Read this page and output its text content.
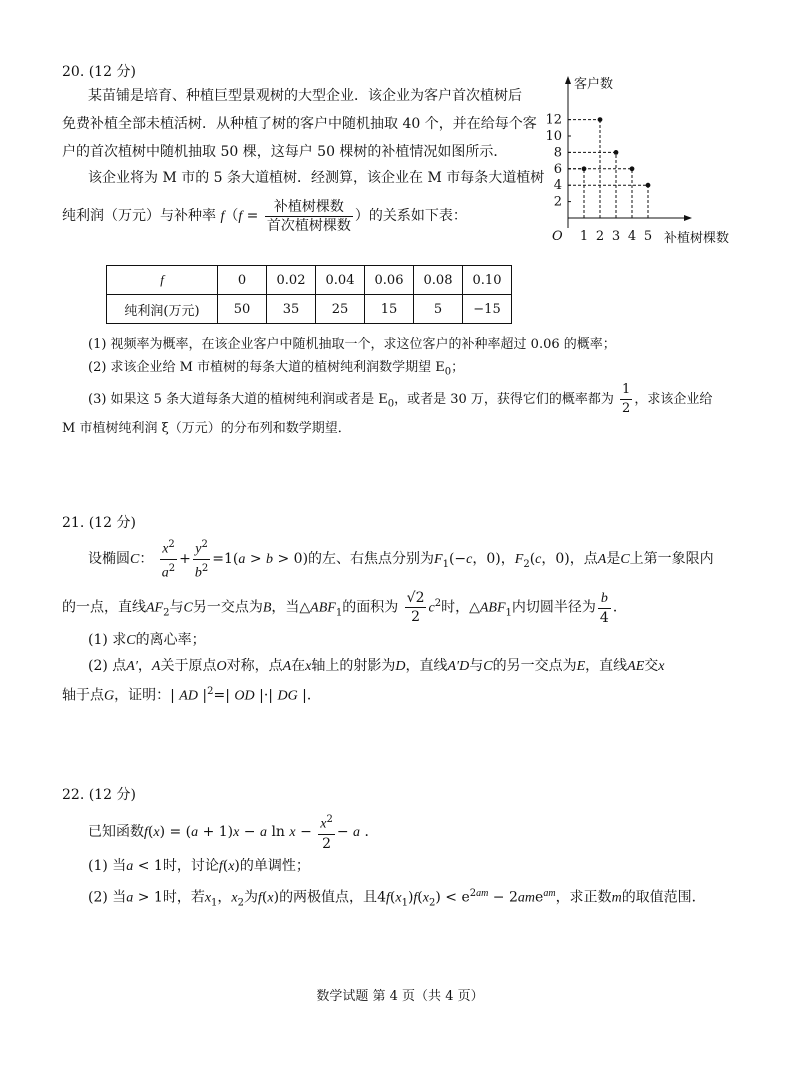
20. (12 分)
某苗铺是培育、种植巨型景观树的大型企业．该企业为客户首次植树后
免费补植全部未植活树．从种植了树的客户中随机抽取 40 个，并在给每个客
户的首次植树中随机抽取 50 棵，这每户 50 棵树的补植情况如图所示．
该企业将为 M 市的 5 条大道植树．经测算，该企业在 M 市每条大道植树
纯利润（万元）与补种率 $f(f = \frac{\text{补植树棵数}}{\text{首次植树棵数}}$ ）的关系如下表：
客户数
补植树棵数
O
2
4
6
8
10
12
1 2 3 4 5
f	0	0.02	0.04	0.06	0.08	0.10
纯利润(万元)	50	35	25	15	5	−15
(1) 视频率为概率，在该企业客户中随机抽取一个，求这位客户的补种率超过 0.06 的概率；
(2) 求该企业给 M 市植树的每条大道的植树纯利润数学期望 $E_0$；
(3) 如果这 5 条大道每条大道的植树纯利润或者是 $E_0$，或者是 30 万，获得它们的概率都为 $\frac{1}{2}$ ，求该企业给
M 市植树纯利润 ξ（万元）的分布列和数学期望．
21. (12 分)
设椭圆C： $\frac{x^2}{a^2} + \frac{y^2}{b^2} =1(a > b > 0)$的左、右焦点分别为$F_1(-c$，0)，$F_2(c$，0)，点A是C上第一象限内
的一点，直线$AF_2$与C另一交点为B，当$\triangle ABF_1$的面积为 $\frac{√2}{2} c^2$时，$\triangle ABF_1$内切圆半径为 $\frac{b}{4}$ ．
(1) 求C的离心率；
(2) 点A′，A关于原点O对称，点A在x轴上的射影为D，直线A′D与C的另一交点为E，直线AE交x
轴于点G，证明：| AD $|^2=|$ OD |·| DG |．
22. (12 分)
已知函数f(x) = (a + 1)x − a $\ln x - \frac{x^2}{2} - a$ ．
(1) 当a < 1时，讨论f(x)的单调性；
(2) 当a > 1时，若$x_1$，$x_2$为f(x)的两极值点，且$4f(x_1)f(x_2) < e^{2am} - 2ame^{am}$，求正数m的取值范围．
数学试题 第 4 页（共 4 页）
